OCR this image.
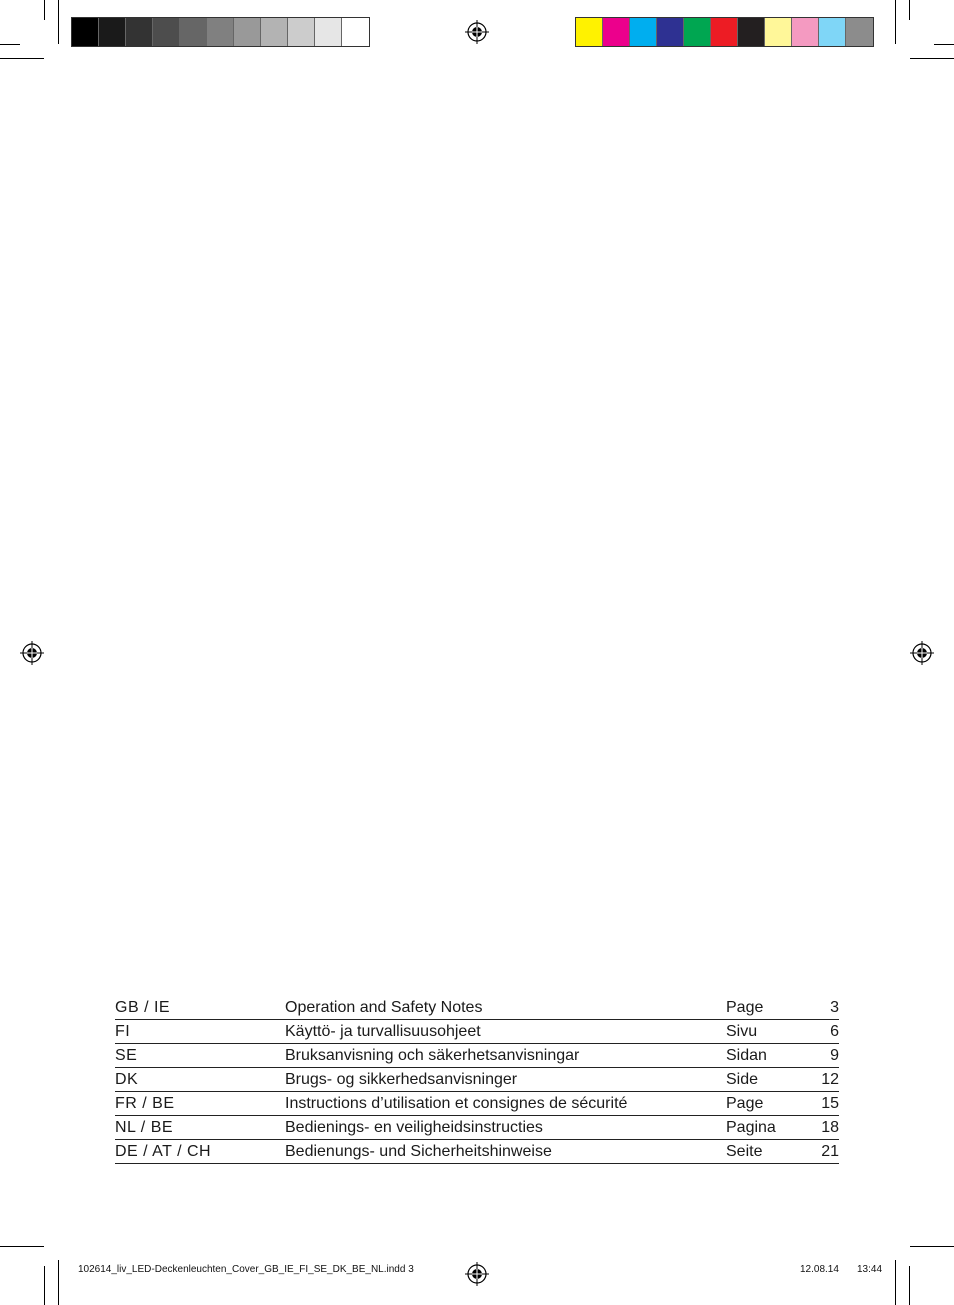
GB / IE	Operation and Safety Notes	Page	3
FI	Käyttö- ja turvallisuusohjeet	Sivu	6
SE	Bruksanvisning och säkerhetsanvisningar	Sidan	9
DK	Brugs- og sikkerhedsanvisninger	Side	12
FR / BE	Instructions d’utilisation et consignes de sécurité	Page	15
NL / BE	Bedienings- en veiligheidsinstructies	Pagina	18
DE / AT / CH	Bedienungs- und Sicherheitshinweise	Seite	21
102614_liv_LED-Deckenleuchten_Cover_GB_IE_FI_SE_DK_BE_NL.indd 3	12.08.14 13:44
